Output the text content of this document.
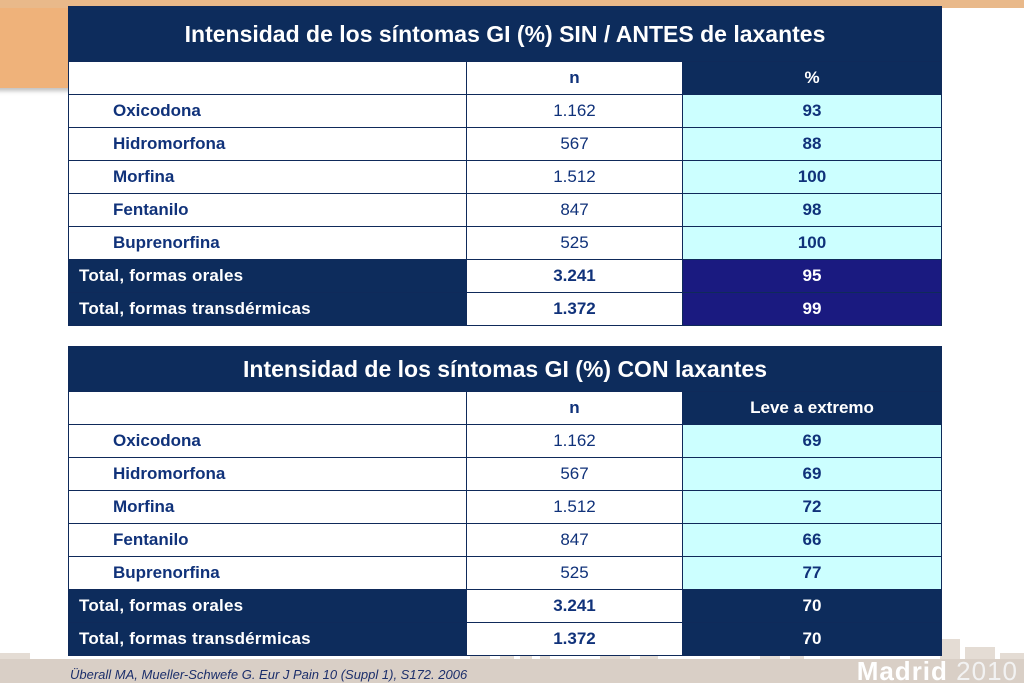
Intensidad de los síntomas GI (%) SIN / ANTES de laxantes		
	n	%
Oxicodona	1.162	93
Hidromorfona	567	88
Morfina	1.512	100
Fentanilo	847	98
Buprenorfina	525	100
Total, formas orales	3.241	95
Total, formas transdérmicas	1.372	99
Intensidad de los síntomas GI (%) CON laxantes		
	n	Leve a extremo
Oxicodona	1.162	69
Hidromorfona	567	69
Morfina	1.512	72
Fentanilo	847	66
Buprenorfina	525	77
Total, formas orales	3.241	70
Total, formas transdérmicas	1.372	70
Überall MA, Mueller-Schwefe G. Eur J Pain 10 (Suppl 1), S172. 2006	Madrid 2010
